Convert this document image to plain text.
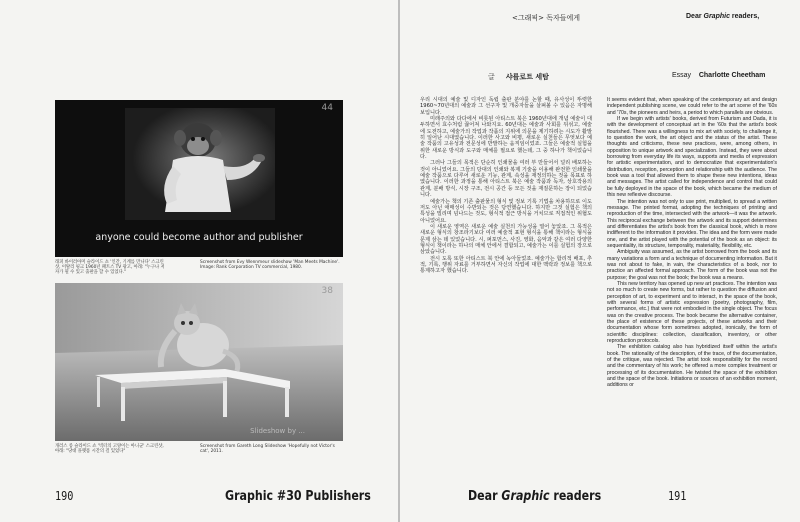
44
anyone could become author and publisher
래퍼 바이러아머 슬라이드 쇼 '인간, 기계를 만나다' 스크린샷, 이탈리 핑크 1960년 패트스 TV 광고, 아래: "누구나 저자가 될 수 있고 출판을 할 수 있었다."
Screenshot from Evy Wennmeur slideshow 'Man Meets Machine'. Image: Rank Corporation TV commercial, 1980.
38
Slideshow by ...
개러스 롱 슬라이드 쇼 '빅터의 고양이는 아니군' 스크린샷, 아래: "당대 플랫폼 시간의 걸 있었다"
Screenshot from Gareth Long Slideshow 'Hopefully not Victor's cat', 2011.
190	Graphic #30 Publishers
<그래픽> 독자들에게	Dear Graphic readers,
글 샤를로트 세탐	Essay Charlotte Cheetham

우리 시대의 예술 및 디자인 독립 출판 분야를 논할 때, 유사성이 뚜렷한 1960~70년대의 예술과 그 선구자 및 개중자들을 살펴볼 수 있음은 자명해 보입니다.

미래주의와 다다에서 비롯된 아티스트 북은 1960년대에 개념 예술이 대두하면서 효수처럼 끓어져 나와지요. 60년대는 예술과 사회를 뒤섞고, 예술에 도전하고, 예술가의 작업과 작품의 지위에 의문을 제기하려는 시도가 활발히 일어난 시대였습니다. 이러한 사고와 비평, 새로운 실천들은 무엇보다 예술 작품의 고유성과 전문성에 반발하는 움직임이었죠. 그들은 예술적 실험을 위한 새로운 방식과 도구와 매체를 필요로 했는데, 그 중 하나가 책이었습니다.

그러나 그들의 목적은 단순히 인쇄물을 여러 부 만들어서 널리 배포하는 것이 아니었어요. 그들의 당대의 인쇄와 복제 기술을 이용해 완전한 인쇄물을 예술 작품으로 다루어 새로운 기능, 관계, 속성을 재정의하는 것을 목표로 하였습니다. 이러한 과정을 통해 아티스트 북은 예술 작품과 독자, 상호작용의 관계, 분배 방식, 시장 구조, 전시 공간 등 모든 것을 재질문하는 장이 되었습니다.

예술가는 책의 기존 출판물의 형식 및 정보 기록 기법을 차용하므로 이도 저도 아닌 애매성이 수반되는 것은 당연했습니다. 하지만 그것 실험은 책의 특성을 빌리며 넘나드는 것도, 형식적 접근 방식을 거치므로 직접적인 위협도 아니었어요.

이 새로운 영역은 새로운 예술 실천의 가능성을 열어 놓았죠. 그 목적은 새로운 형식의 창조라기보다 여러 예술적 표현 형식을 통해 책이라는 형식을 문제 삼는 데 있었습니다. 시, 퍼포먼스, 사진, 영화, 음악과 같은 여러 다양한 형식이 책이라는 하나의 매체 안에서 결합되고, 예술가는 이를 실험의 장으로 삼았습니다.

전시 도록 또한 아티스트 북 안에 녹아들었죠. 예술가는 합리적 배포, 추적, 기록, 행위 자료를 거부하면서 자신의 작업에 대한 맥락과 정보를 책으로 통제하고자 했습니다.

It seems evident that, when speaking of the contemporary art and design independent publishing scene, we could refer to the art scene of the '60s and '70s, the pioneers and heirs, a period to which parallels are obvious.

If we begin with artists' books, derived from Futurism and Dada, it is with the development of conceptual art in the '60s that the artist's book flourished. There was a willingness to mix art with society, to challenge it, to question the work, the art object and the status of the artist. These thoughts and criticisms, these new practices, were, among others, in opposition to unique artwork and specialization. Instead, they were about borrowing from everyday life its ways, supports and media of expression for artistic experimentation, and to democratize that experimentation's distribution, reception, perception and relationship with the audience. The book was a tool that allowed them to shape these new intentions, ideas and messages. The artist called for independence and control that could be fully deployed in the space of the book, which became the medium of this new reflexive discourse.

The intention was not only to use print, multiplied, to spread a written message. The printed format, adopting the techniques of printing and reproduction of the time, intersected with the artwork—it was the artwork. This reciprocal exchange between the artwork and its support determines and differentiates the artist's book from the classical book, which is more indifferent to the information it provides. The idea and the form were made one, and the artist played with the potential of the book as an object: its sequentiality, its structure, temporality, materiality, flexibility, etc.

Ambiguity was assumed, as the artist borrowed from the book and its many variations a form and a technique of documenting information. But it was not about to fake, in vain, the characteristics of a book, nor to practice an affected formal approach. The form of the book was not the purpose; the goal was not the book; the book was a means.

This new territory has opened up new art practices. The intention was not so much to create new forms, but rather to question the diffusion and perception of art, to experiment and to interact, in the space of the book, with several forms of artistic expression (poetry, photography, film, performance, etc.) that were not embodied in the single object. The focus was on the creative process. The book became the alternative container, the place of existence of these projects, of these artworks and their documentation whose form sometimes adopted, ironically, the form of scientific disciplines: collection, classification, inventory, or other reproduction protocols.

The exhibition catalog also has hybridized itself within the artist's book. The rationality of the description, of the trace, of the documentation, of the critique, was rejected. The artist took responsibility for the record and the commentary of his work; he offered a more complex treatment or processing of its documentation. He twisted the space of the exhibition and the space of the book. Initiations or sources of an exhibition moment, additions or

Dear Graphic readers	191
